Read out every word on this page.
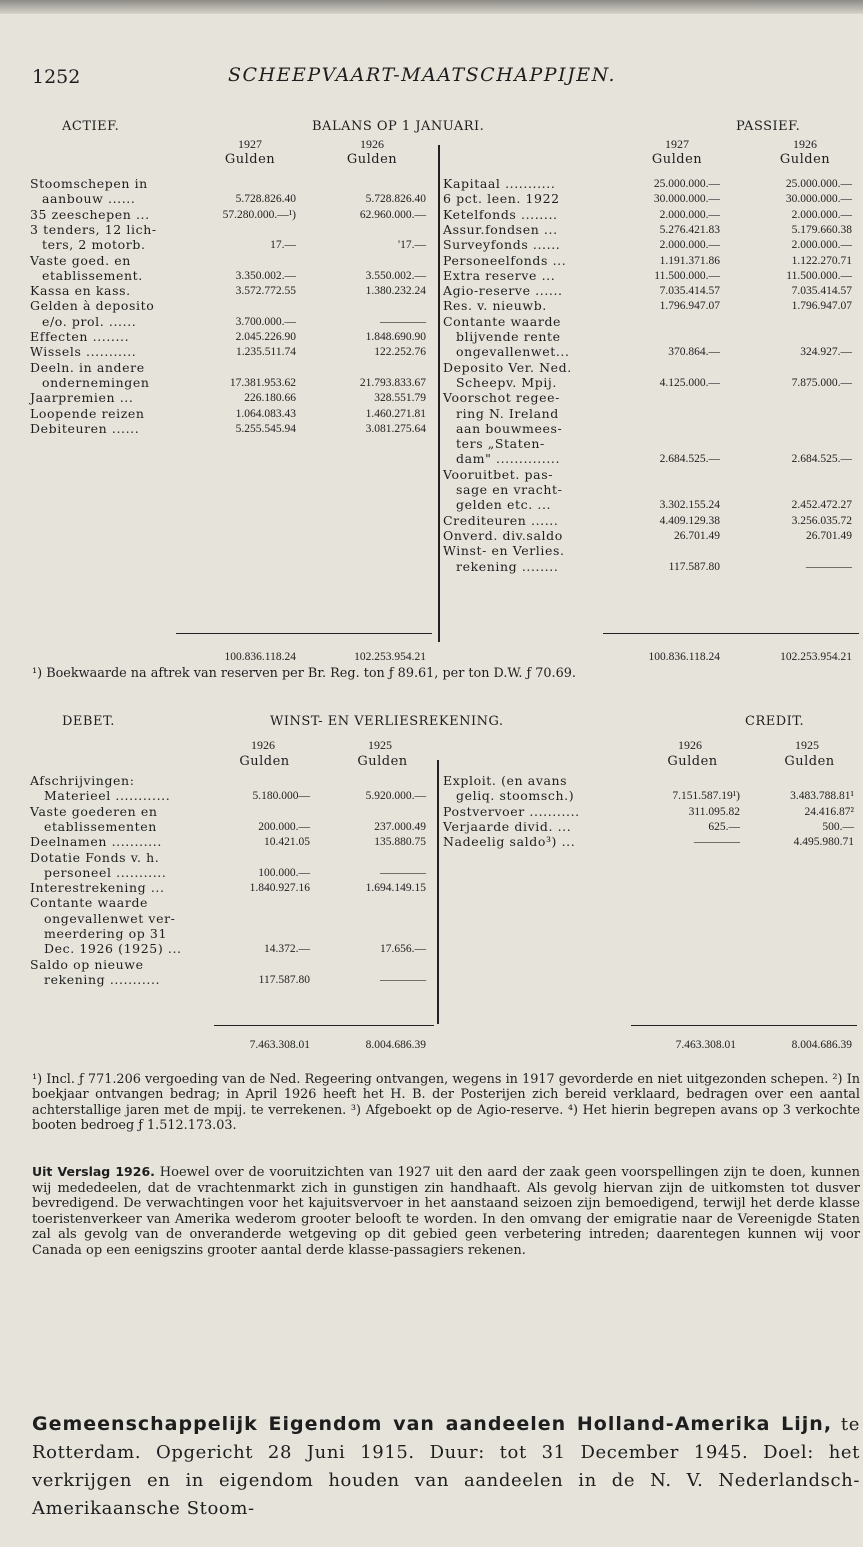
1252	SCHEEPVAART-MAATSCHAPPIJEN.
ACTIEF.	BALANS OP 1 JANUARI.	PASSIEF.
1927	1926
Gulden	Gulden
1927	1926
Gulden	Gulden
Stoomschepen in
aanbouw ......	5.728.826.40	5.728.826.40
35 zeeschepen ...	57.280.000.—¹)	62.960.000.—
3 tenders, 12 lich-
ters, 2 motorb.	17.—	'17.—
Vaste goed. en
etablissement.	3.350.002.—	3.550.002.—
Kassa en kass.	3.572.772.55	1.380.232.24
Gelden à deposito
e/o. prol. ......	3.700.000.—	————
Effecten ........	2.045.226.90	1.848.690.90
Wissels ...........	1.235.511.74	122.252.76
Deeln. in andere
ondernemingen	17.381.953.62	21.793.833.67
Jaarpremien ...	226.180.66	328.551.79
Loopende reizen	1.064.083.43	1.460.271.81
Debiteuren ......	5.255.545.94	3.081.275.64
Kapitaal ...........	25.000.000.—	25.000.000.—
6 pct. leen. 1922	30.000.000.—	30.000.000.—
Ketelfonds ........	2.000.000.—	2.000.000.—
Assur.fondsen ...	5.276.421.83	5.179.660.38
Surveyfonds ......	2.000.000.—	2.000.000.—
Personeelfonds ...	1.191.371.86	1.122.270.71
Extra reserve ...	11.500.000.—	11.500.000.—
Agio-reserve ......	7.035.414.57	7.035.414.57
Res. v. nieuwb.	1.796.947.07	1.796.947.07
Contante waarde
blijvende rente
ongevallenwet...	370.864.—	324.927.—
Deposito Ver. Ned.
Scheepv. Mpij.	4.125.000.—	7.875.000.—
Voorschot regee-
ring N. Ireland
aan bouwmees-
ters „Staten-
dam" ..............	2.684.525.—	2.684.525.—
Vooruitbet. pas-
sage en vracht-
gelden etc. ...	3.302.155.24	2.452.472.27
Crediteuren ......	4.409.129.38	3.256.035.72
Onverd. div.saldo	26.701.49	26.701.49
Winst- en Verlies.
rekening ........	117.587.80	————
100.836.118.24	102.253.954.21	100.836.118.24	102.253.954.21
¹) Boekwaarde na aftrek van reserven per Br. Reg. ton ƒ 89.61, per ton D.W. ƒ 70.69.
DEBET.	WINST- EN VERLIESREKENING.	CREDIT.
1926	1925
Gulden	Gulden
1926	1925
Gulden	Gulden
Afschrijvingen:
Materieel ............	5.180.000—	5.920.000.—
Vaste goederen en
etablissementen	200.000.—	237.000.49
Deelnamen ...........	10.421.05	135.880.75
Dotatie Fonds v. h.
personeel ...........	100.000.—	————
Interestrekening ...	1.840.927.16	1.694.149.15
Contante waarde
ongevallenwet ver-
meerdering op 31
Dec. 1926 (1925) ...	14.372.—	17.656.—
Saldo op nieuwe
rekening ...........	117.587.80	————
Exploit. (en avans
geliq. stoomsch.)	7.151.587.19¹)	3.483.788.81¹
Postvervoer ...........	311.095.82	24.416.87²
Verjaarde divid. ...	625.—	500.—
Nadeelig saldo³) ...	————	4.495.980.71
7.463.308.01	8.004.686.39	7.463.308.01	8.004.686.39
¹) Incl. ƒ 771.206 vergoeding van de Ned. Regeering ontvangen, wegens in 1917 gevorderde en niet uitgezonden schepen. ²) In boekjaar ontvangen bedrag; in April 1926 heeft het H. B. der Posterijen zich bereid verklaard, bedragen over een aantal achterstallige jaren met de mpij. te verrekenen. ³) Afgeboekt op de Agio-reserve. ⁴) Het hierin begrepen avans op 3 verkochte booten bedroeg ƒ 1.512.173.03.
Uit Verslag 1926. Hoewel over de vooruitzichten van 1927 uit den aard der zaak geen voorspellingen zijn te doen, kunnen wij mededeelen, dat de vrachtenmarkt zich in gunstigen zin handhaaft. Als gevolg hiervan zijn de uitkomsten tot dusver bevredigend. De verwachtingen voor het kajuitsvervoer in het aanstaand seizoen zijn bemoedigend, terwijl het derde klasse toeristenverkeer van Amerika wederom grooter belooft te worden. In den omvang der emigratie naar de Vereenigde Staten zal als gevolg van de onveranderde wetgeving op dit gebied geen verbetering intreden; daarentegen kunnen wij voor Canada op een eenigszins grooter aantal derde klasse-passagiers rekenen.
Gemeenschappelijk Eigendom van aandeelen Holland-Amerika Lijn, te Rotterdam. Opgericht 28 Juni 1915. Duur: tot 31 December 1945. Doel: het verkrijgen en in eigendom houden van aandeelen in de N. V. Nederlandsch-Amerikaansche Stoom-
